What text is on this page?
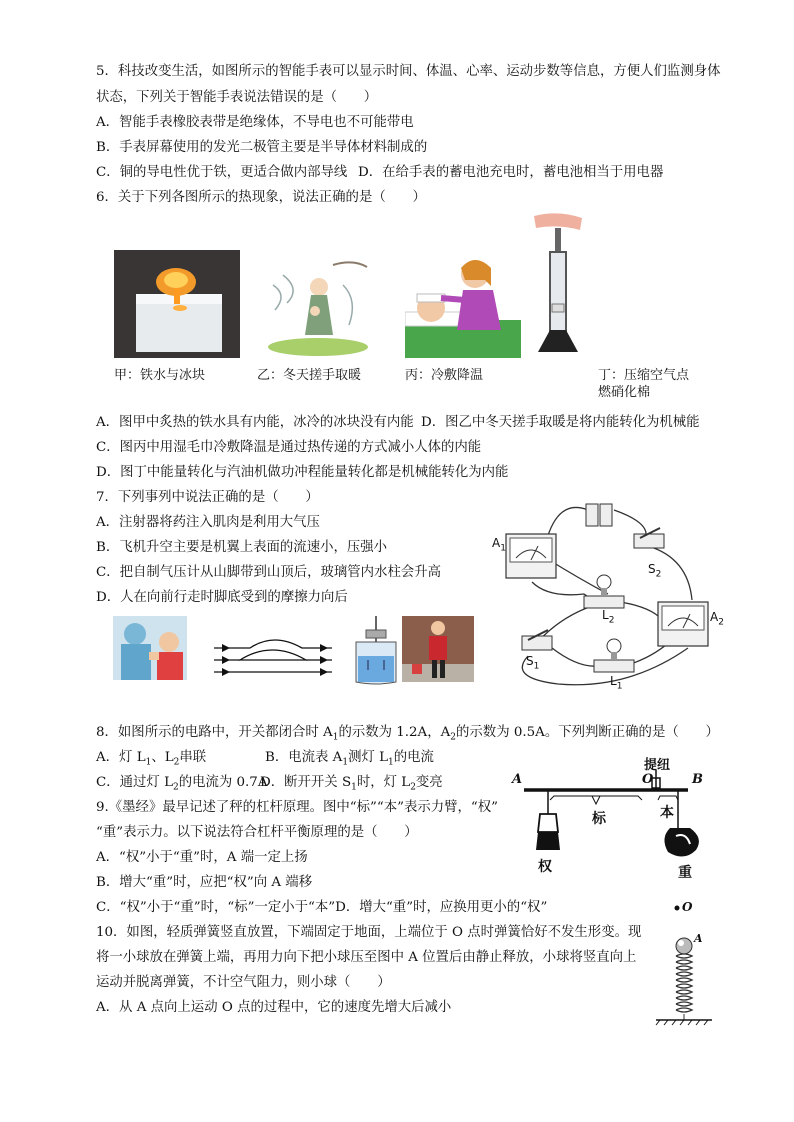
5．科技改变生活，如图所示的智能手表可以显示时间、体温、心率、运动步数等信息，方便人们监测身体
状态，下列关于智能手表说法错误的是（　　）
A．智能手表橡胶表带是绝缘体，不导电也不可能带电
B．手表屏幕使用的发光二极管主要是半导体材料制成的
C．铜的导电性优于铁，更适合做内部导线 D．在给手表的蓄电池充电时，蓄电池相当于用电器
6．关于下列各图所示的热现象，说法正确的是（　　）
甲：铁水与冰块	乙：冬天搓手取暖	丙：冷敷降温	丁：压缩空气点
燃硝化棉
A．图甲中炙热的铁水具有内能，冰冷的冰块没有内能 D．图乙中冬天搓手取暖是将内能转化为机械能
C．图丙中用湿毛巾冷敷降温是通过热传递的方式减小人体的内能
D．图丁中能量转化与汽油机做功冲程能量转化都是机械能转化为内能
7．下列事列中说法正确的是（　　）
A．注射器将药注入肌肉是利用大气压
B．飞机升空主要是机翼上表面的流速小，压强小
C．把自制气压计从山脚带到山顶后，玻璃管内水柱会升高
D．人在向前行走时脚底受到的摩擦力向后
$A_1$
$S_2$
$L_2$	$A_2$
$S_1$
$L_1$
8．如图所示的电路中，开关都闭合时 $A_1$的示数为 1.2A，$A_2$的示数为 0.5A。下列判断正确的是（　　）
A．灯 $L_1$、$L_2$串联	B．电流表 $A_1$测灯 $L_1$的电流
C．通过灯 $L_2$的电流为 0.7A
D．断开开关 $S_1$时，灯 $L_2$变亮
9.《墨经》最早记述了秤的杠杆原理。图中“标”“本”表示力臂，“权”
“重”表示力。以下说法符合杠杆平衡原理的是（　　）
A．“权”小于“重”时，A 端一定上扬
B．增大“重”时，应把“权”向 A 端移
C．“权”小于“重”时，“标”一定小于“本”D．增大“重”时，应换用更小的“权”
A	B
O
提纽
标	本
权	重
10．如图，轻质弹簧竖直放置，下端固定于地面，上端位于 O 点时弹簧恰好不发生形变。现
将一小球放在弹簧上端，再用力向下把小球压至图中 A 位置后由静止释放，小球将竖直向上
运动并脱离弹簧，不计空气阻力，则小球（　　）
A．从 A 点向上运动 O 点的过程中，它的速度先增大后减小
O
A
